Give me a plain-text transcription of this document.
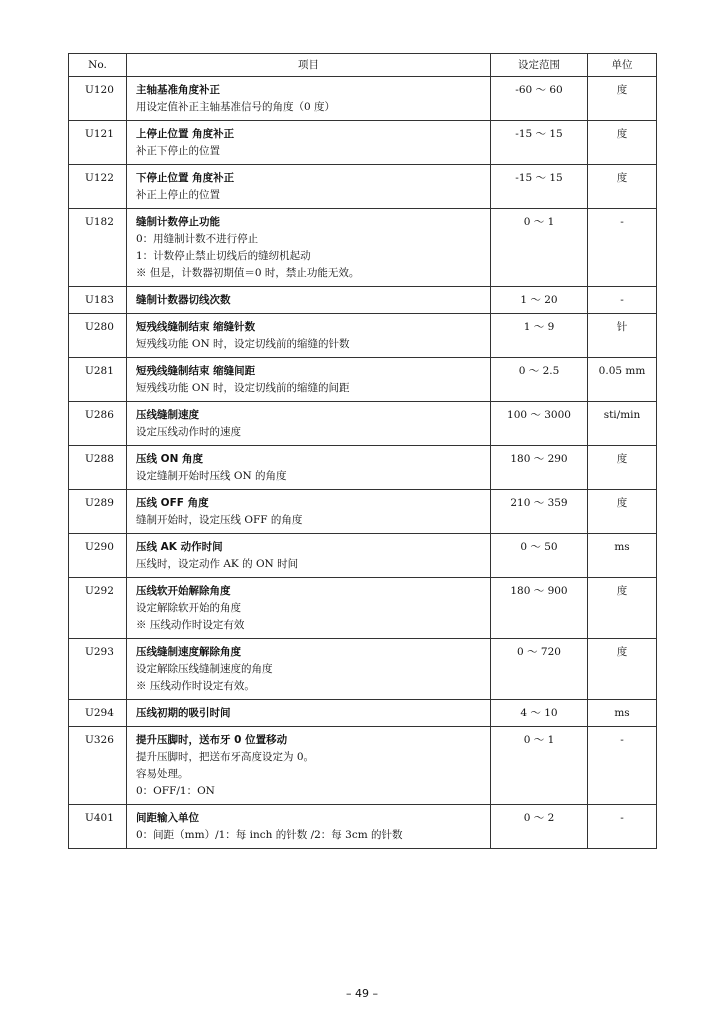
No.	项目	设定范围	单位
U120	主轴基准角度补正
用设定值补正主轴基准信号的角度（0 度）	-60 ～ 60	度
U121	上停止位置 角度补正
补正下停止的位置	-15 ～ 15	度
U122	下停止位置 角度补正
补正上停止的位置	-15 ～ 15	度
U182	缝制计数停止功能
0：用缝制计数不进行停止
1：计数停止禁止切线后的缝纫机起动
※ 但是，计数器初期值＝0 时，禁止功能无效。	0 ～ 1	-
U183	缝制计数器切线次数	1 ～ 20	-
U280	短残线缝制结束 缩缝针数
短残线功能 ON 时，设定切线前的缩缝的针数	1 ～ 9	针
U281	短残线缝制结束 缩缝间距
短残线功能 ON 时，设定切线前的缩缝的间距	0 ～ 2.5	0.05 mm
U286	压线缝制速度
设定压线动作时的速度	100 ～ 3000	sti/min
U288	压线 ON 角度
设定缝制开始时压线 ON 的角度	180 ～ 290	度
U289	压线 OFF 角度
缝制开始时，设定压线 OFF 的角度	210 ～ 359	度
U290	压线 AK 动作时间
压线时，设定动作 AK 的 ON 时间	0 ～ 50	ms
U292	压线软开始解除角度
设定解除软开始的角度
※ 压线动作时设定有效	180 ～ 900	度
U293	压线缝制速度解除角度
设定解除压线缝制速度的角度
※ 压线动作时设定有效。	0 ～ 720	度
U294	压线初期的吸引时间	4 ～ 10	ms
U326	提升压脚时，送布牙 0 位置移动
提升压脚时，把送布牙高度设定为 0。
容易处理。
0：OFF/1：ON	0 ～ 1	-
U401	间距输入单位
0：间距（mm）/1：每 inch 的针数 /2：每 3cm 的针数	0 ～ 2	-
– 49 –
